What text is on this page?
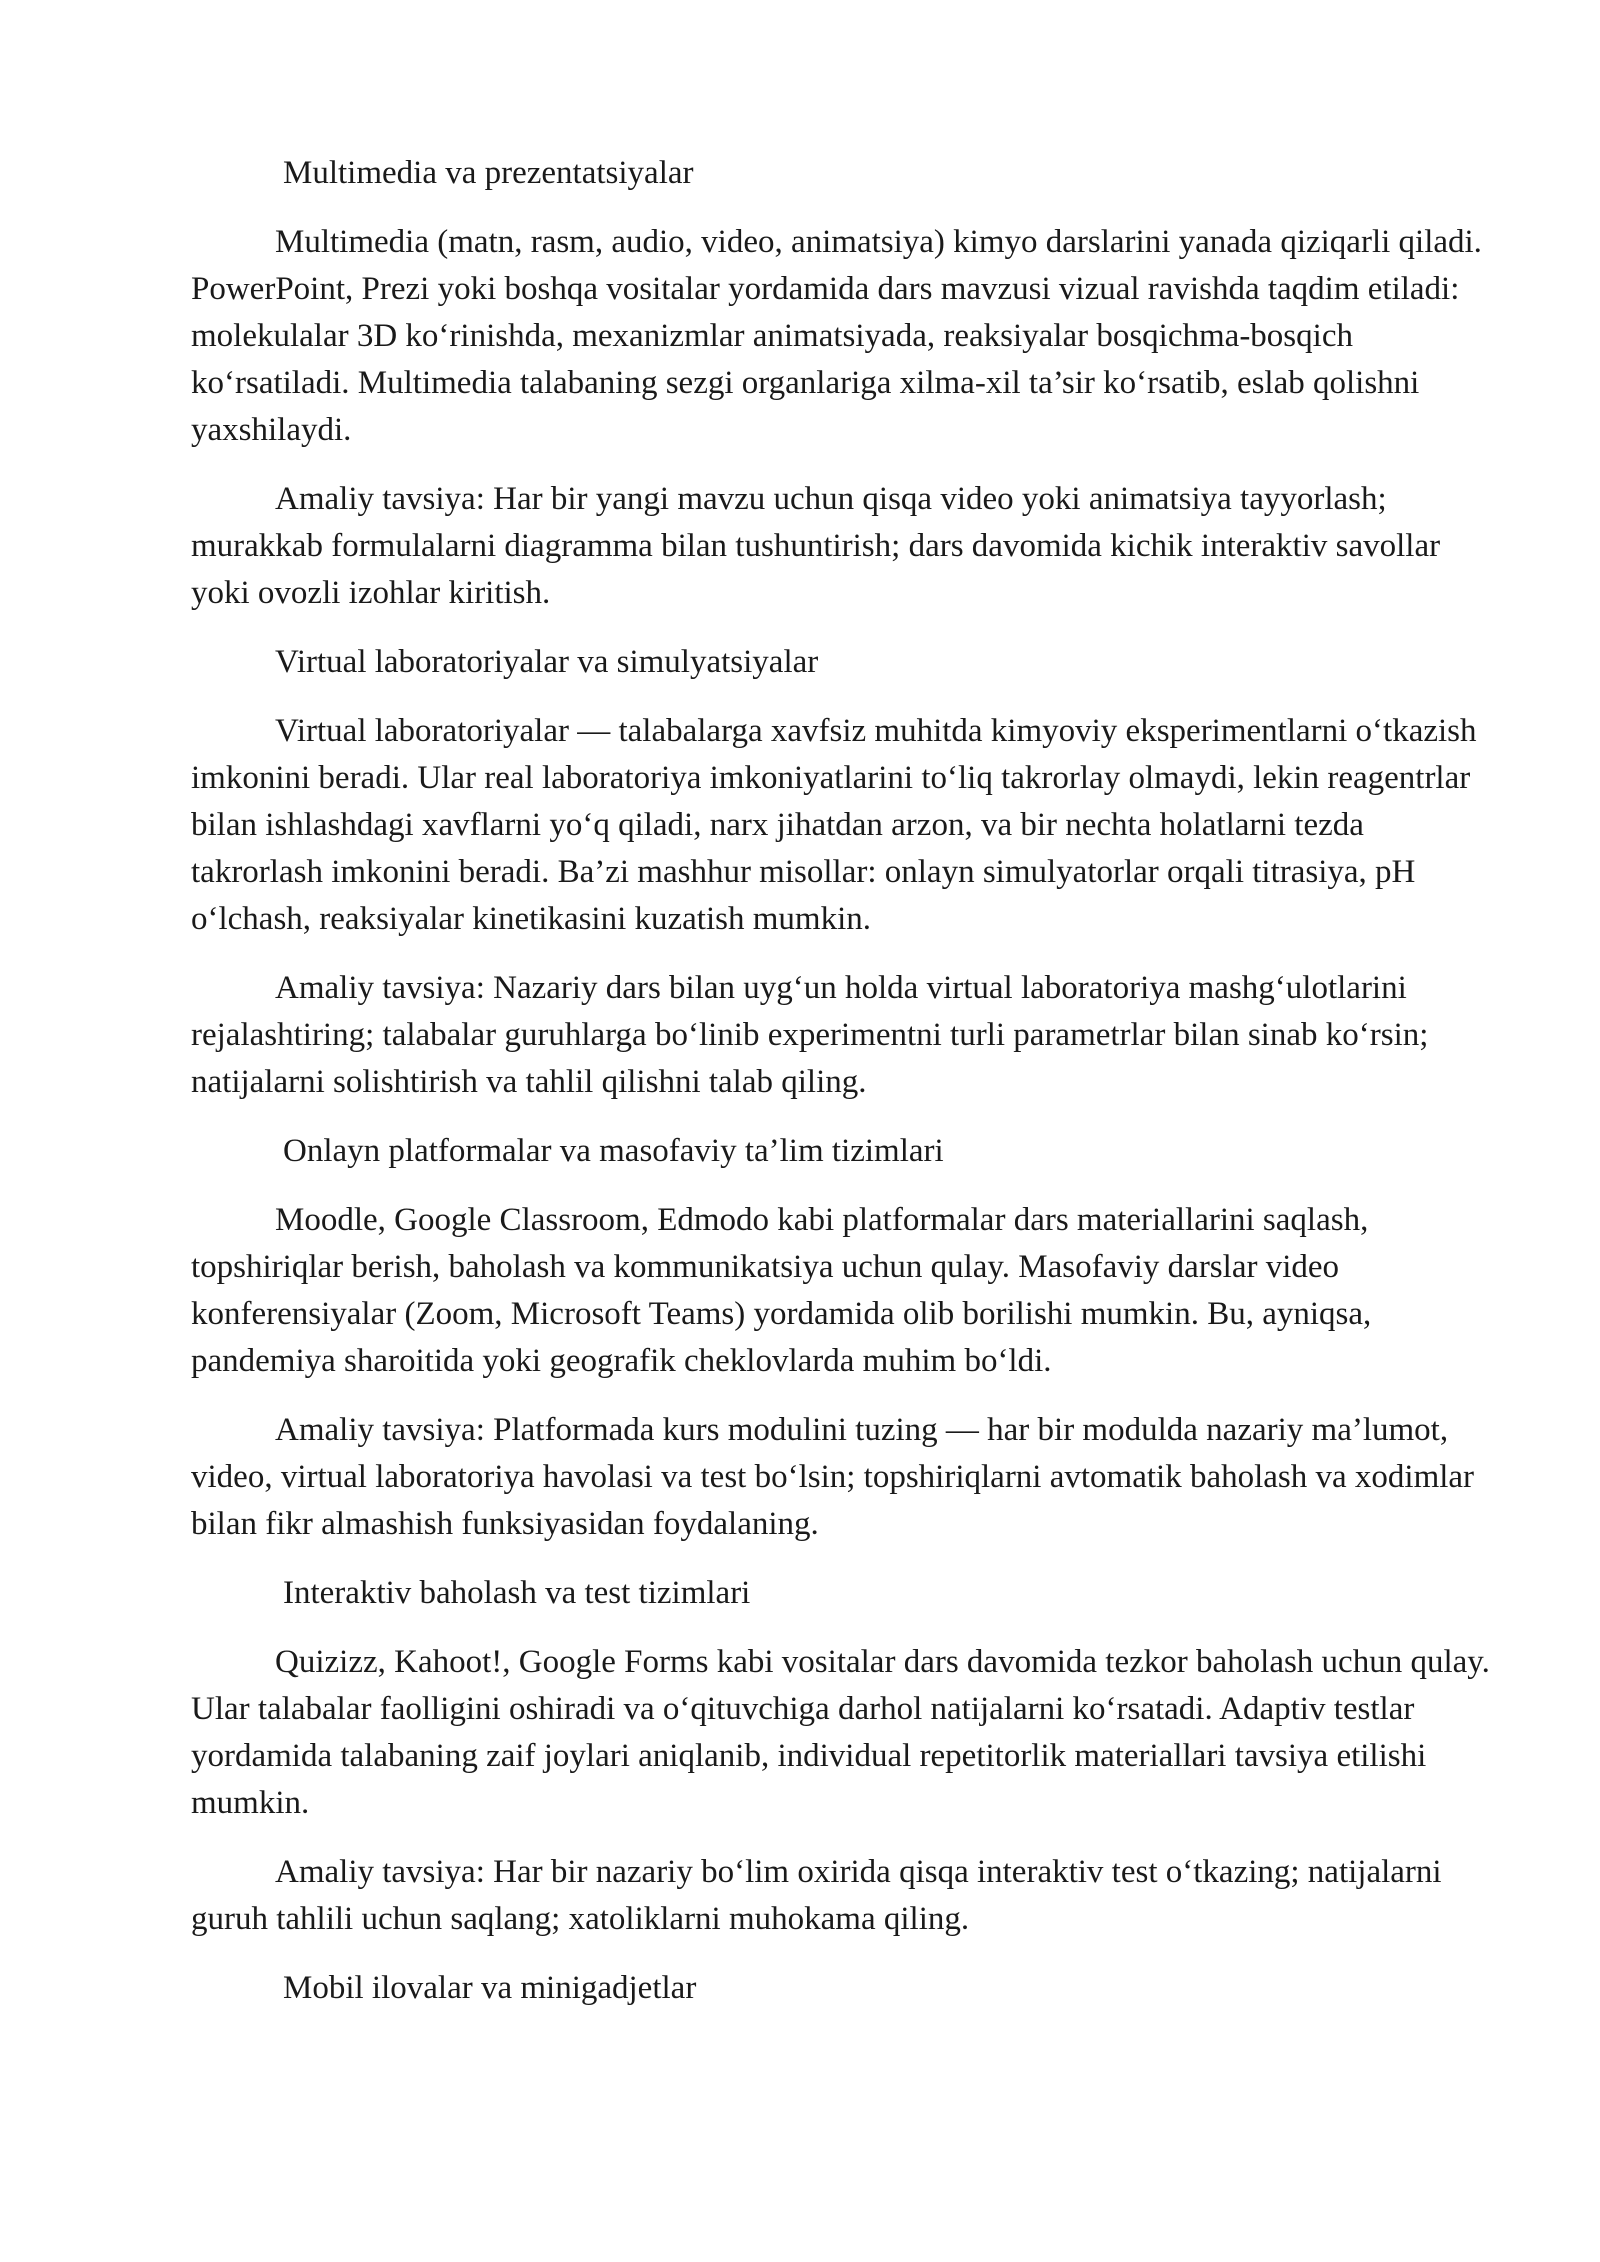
Multimedia va prezentatsiyalar

Multimedia (matn, rasm, audio, video, animatsiya) kimyo darslarini yanada qiziqarli qiladi. PowerPoint, Prezi yoki boshqa vositalar yordamida dars mavzusi vizual ravishda taqdim etiladi: molekulalar 3D ko‘rinishda, mexanizmlar animatsiyada, reaksiyalar bosqichma-bosqich ko‘rsatiladi. Multimedia talabaning sezgi organlariga xilma-xil ta’sir ko‘rsatib, eslab qolishni yaxshilaydi.

Amaliy tavsiya: Har bir yangi mavzu uchun qisqa video yoki animatsiya tayyorlash; murakkab formulalarni diagramma bilan tushuntirish; dars davomida kichik interaktiv savollar yoki ovozli izohlar kiritish.

Virtual laboratoriyalar va simulyatsiyalar

Virtual laboratoriyalar — talabalarga xavfsiz muhitda kimyoviy eksperimentlarni o‘tkazish imkonini beradi. Ular real laboratoriya imkoniyatlarini to‘liq takrorlay olmaydi, lekin reagentrlar bilan ishlashdagi xavflarni yo‘q qiladi, narx jihatdan arzon, va bir nechta holatlarni tezda takrorlash imkonini beradi. Ba’zi mashhur misollar: onlayn simulyatorlar orqali titrasiya, pH o‘lchash, reaksiyalar kinetikasini kuzatish mumkin.

Amaliy tavsiya: Nazariy dars bilan uyg‘un holda virtual laboratoriya mashg‘ulotlarini rejalashtiring; talabalar guruhlarga bo‘linib experimentni turli parametrlar bilan sinab ko‘rsin; natijalarni solishtirish va tahlil qilishni talab qiling.

Onlayn platformalar va masofaviy ta’lim tizimlari

Moodle, Google Classroom, Edmodo kabi platformalar dars materiallarini saqlash, topshiriqlar berish, baholash va kommunikatsiya uchun qulay. Masofaviy darslar video konferensiyalar (Zoom, Microsoft Teams) yordamida olib borilishi mumkin. Bu, ayniqsa, pandemiya sharoitida yoki geografik cheklovlarda muhim bo‘ldi.

Amaliy tavsiya: Platformada kurs modulini tuzing — har bir modulda nazariy ma’lumot, video, virtual laboratoriya havolasi va test bo‘lsin; topshiriqlarni avtomatik baholash va xodimlar bilan fikr almashish funksiyasidan foydalaning.

Interaktiv baholash va test tizimlari

Quizizz, Kahoot!, Google Forms kabi vositalar dars davomida tezkor baholash uchun qulay. Ular talabalar faolligini oshiradi va o‘qituvchiga darhol natijalarni ko‘rsatadi. Adaptiv testlar yordamida talabaning zaif joylari aniqlanib, individual repetitorlik materiallari tavsiya etilishi mumkin.

Amaliy tavsiya: Har bir nazariy bo‘lim oxirida qisqa interaktiv test o‘tkazing; natijalarni guruh tahlili uchun saqlang; xatoliklarni muhokama qiling.

Mobil ilovalar va minigadjetlar
